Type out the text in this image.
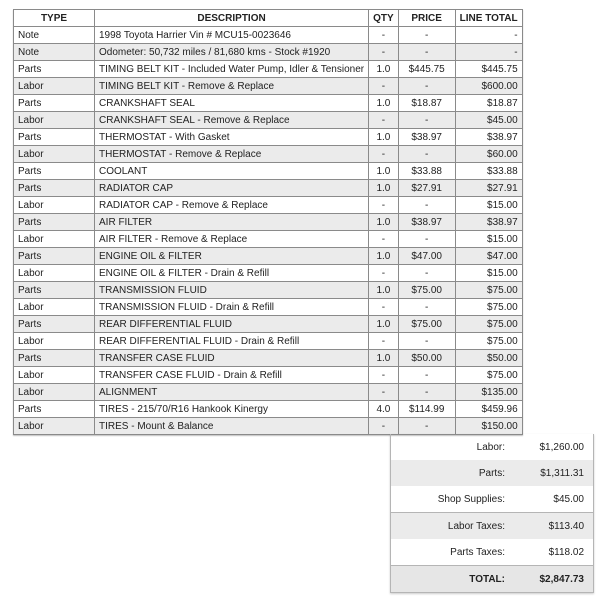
TYPE	DESCRIPTION	QTY	PRICE	LINE TOTAL
Note	1998 Toyota Harrier Vin # MCU15-0023646	-	-	-
Note	Odometer: 50,732 miles / 81,680 kms - Stock #1920	-	-	-
Parts	TIMING BELT KIT - Included Water Pump, Idler & Tensioner	1.0	$445.75	$445.75
Labor	TIMING BELT KIT - Remove & Replace	-	-	$600.00
Parts	CRANKSHAFT SEAL	1.0	$18.87	$18.87
Labor	CRANKSHAFT SEAL - Remove & Replace	-	-	$45.00
Parts	THERMOSTAT - With Gasket	1.0	$38.97	$38.97
Labor	THERMOSTAT - Remove & Replace	-	-	$60.00
Parts	COOLANT	1.0	$33.88	$33.88
Parts	RADIATOR CAP	1.0	$27.91	$27.91
Labor	RADIATOR CAP - Remove & Replace	-	-	$15.00
Parts	AIR FILTER	1.0	$38.97	$38.97
Labor	AIR FILTER - Remove & Replace	-	-	$15.00
Parts	ENGINE OIL & FILTER	1.0	$47.00	$47.00
Labor	ENGINE OIL & FILTER - Drain & Refill	-	-	$15.00
Parts	TRANSMISSION FLUID	1.0	$75.00	$75.00
Labor	TRANSMISSION FLUID - Drain & Refill	-	-	$75.00
Parts	REAR DIFFERENTIAL FLUID	1.0	$75.00	$75.00
Labor	REAR DIFFERENTIAL FLUID - Drain & Refill	-	-	$75.00
Parts	TRANSFER CASE FLUID	1.0	$50.00	$50.00
Labor	TRANSFER CASE FLUID - Drain & Refill	-	-	$75.00
Labor	ALIGNMENT	-	-	$135.00
Parts	TIRES - 215/70/R16 Hankook Kinergy	4.0	$114.99	$459.96
Labor	TIRES - Mount & Balance	-	-	$150.00
Labor:	$1,260.00
Parts:	$1,311.31
Shop Supplies:	$45.00
Labor Taxes:	$113.40
Parts Taxes:	$118.02
TOTAL:	$2,847.73
